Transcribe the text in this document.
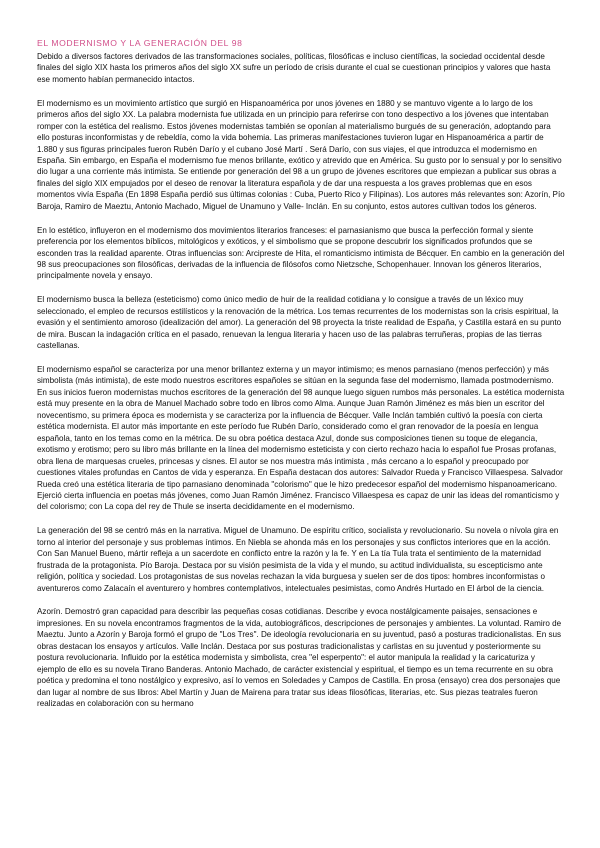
EL MODERNISMO Y LA GENERACIÓN DEL 98

Debido a diversos factores derivados de las transformaciones sociales, políticas, filosóficas e incluso científicas, la sociedad occidental desde finales del siglo XIX hasta los primeros años del siglo XX sufre un período de crisis durante el cual se cuestionan principios y valores que hasta ese momento habían permanecido intactos.

El modernismo es un movimiento artístico que surgió en Hispanoamérica por unos jóvenes en 1880 y se mantuvo vigente a lo largo de los primeros años del siglo XX. La palabra modernista fue utilizada en un principio para referirse con tono despectivo a los jóvenes que intentaban romper con la estética del realismo. Estos jóvenes modernistas también se oponían al materialismo burgués de su generación, adoptando para ello posturas inconformistas y de rebeldía, como la vida bohemia. Las primeras manifestaciones tuvieron lugar en Hispanoamérica a partir de 1.880 y sus figuras principales fueron Rubén Darío y el cubano José Martí . Será Darío, con sus viajes, el que introduzca el modernismo en España. Sin embargo, en España el modernismo fue menos brillante, exótico y atrevido que en América. Su gusto por lo sensual y por lo sensitivo dio lugar a una corriente más intimista. Se entiende por generación del 98 a un grupo de jóvenes escritores que empiezan a publicar sus obras a finales del siglo XIX empujados por el deseo de renovar la literatura española y de dar una respuesta a los graves problemas que en esos momentos vivía España (En 1898 España perdió sus últimas colonias : Cuba, Puerto Rico y Filipinas). Los autores más relevantes son: Azorín, Pío Baroja, Ramiro de Maeztu, Antonio Machado, Miguel de Unamuno y Valle- Inclán. En su conjunto, estos autores cultivan todos los géneros.

En lo estético, influyeron en el modernismo dos movimientos literarios franceses: el parnasianismo que busca la perfección formal y siente preferencia por los elementos bíblicos, mitológicos y exóticos, y el simbolismo que se propone descubrir los significados profundos que se esconden tras la realidad aparente. Otras influencias son: Arcipreste de Hita, el romanticismo intimista de Bécquer. En cambio en la generación del 98 sus preocupaciones son filosóficas, derivadas de la influencia de filósofos como Nietzsche, Schopenhauer. Innovan los géneros literarios, principalmente novela y ensayo.

El modernismo busca la belleza (esteticismo) como único medio de huir de la realidad cotidiana y lo consigue a través de un léxico muy seleccionado, el empleo de recursos estilísticos y la renovación de la métrica. Los temas recurrentes de los modernistas son la crisis espiritual, la evasión y el sentimiento amoroso (idealización del amor). La generación del 98 proyecta la triste realidad de España, y Castilla estará en su punto de mira. Buscan la indagación crítica en el pasado, renuevan la lengua literaria y hacen uso de las palabras terruñeras, propias de las tierras castellanas.

El modernismo español se caracteriza por una menor brillantez externa y un mayor intimismo; es menos parnasiano (menos perfección) y más simbolista (más intimista), de este modo nuestros escritores españoles se sitúan en la segunda fase del modernismo, llamada postmodernismo. En sus inicios fueron modernistas muchos escritores de la generación del 98 aunque luego siguen rumbos más personales. La estética modernista está muy presente en la obra de Manuel Machado sobre todo en libros como Alma. Aunque Juan Ramón Jiménez es más bien un escritor del novecentismo, su primera época es modernista y se caracteriza por la influencia de Bécquer. Valle Inclán también cultivó la poesía con cierta estética modernista. El autor más importante en este período fue Rubén Darío, considerado como el gran renovador de la poesía en lengua española, tanto en los temas como en la métrica. De su obra poética destaca Azul, donde sus composiciones tienen su toque de elegancia, exotismo y erotismo; pero su libro más brillante en la línea del modernismo esteticista y con cierto rechazo hacia lo español fue Prosas profanas, obra llena de marquesas crueles, princesas y cisnes. El autor se nos muestra más intimista , más cercano a lo español y preocupado por cuestiones vitales profundas en Cantos de vida y esperanza. En España destacan dos autores: Salvador Rueda y Francisco Villaespesa. Salvador Rueda creó una estética literaria de tipo parnasiano denominada "colorismo" que le hizo predecesor español del modernismo hispanoamericano. Ejerció cierta influencia en poetas más jóvenes, como Juan Ramón Jiménez. Francisco Villaespesa es capaz de unir las ideas del romanticismo y del colorismo; con La copa del rey de Thule se inserta decididamente en el modernismo.

La generación del 98 se centró más en la narrativa. Miguel de Unamuno. De espíritu crítico, socialista y revolucionario. Su novela o nívola gira en torno al interior del personaje y sus problemas íntimos. En Niebla se ahonda más en los personajes y sus conflictos interiores que en la acción. Con San Manuel Bueno, mártir refleja a un sacerdote en conflicto entre la razón y la fe. Y en La tía Tula trata el sentimiento de la maternidad frustrada de la protagonista. Pío Baroja. Destaca por su visión pesimista de la vida y el mundo, su actitud individualista, su escepticismo ante religión, política y sociedad. Los protagonistas de sus novelas rechazan la vida burguesa y suelen ser de dos tipos: hombres inconformistas o aventureros como Zalacaín el aventurero y hombres contemplativos, intelectuales pesimistas, como Andrés Hurtado en El árbol de la ciencia.

Azorín. Demostró gran capacidad para describir las pequeñas cosas cotidianas. Describe y evoca nostálgicamente paisajes, sensaciones e impresiones. En su novela encontramos fragmentos de la vida, autobiográficos, descripciones de personajes y ambientes. La voluntad. Ramiro de Maeztu. Junto a Azorín y Baroja formó el grupo de "Los Tres". De ideología revolucionaria en su juventud, pasó a posturas tradicionalistas. En sus obras destacan los ensayos y artículos. Valle Inclán. Destaca por sus posturas tradicionalistas y carlistas en su juventud y posteriormente su postura revolucionaria. Influido por la estética modernista y simbolista, crea "el esperpento": el autor manipula la realidad y la caricaturiza y ejemplo de ello es su novela Tirano Banderas. Antonio Machado, de carácter existencial y espiritual, el tiempo es un tema recurrente en su obra poética y predomina el tono nostálgico y expresivo, así lo vemos en Soledades y Campos de Castilla. En prosa (ensayo) crea dos personajes que dan lugar al nombre de sus libros: Abel Martín y Juan de Mairena para tratar sus ideas filosóficas, literarias, etc. Sus piezas teatrales fueron realizadas en colaboración con su hermano
